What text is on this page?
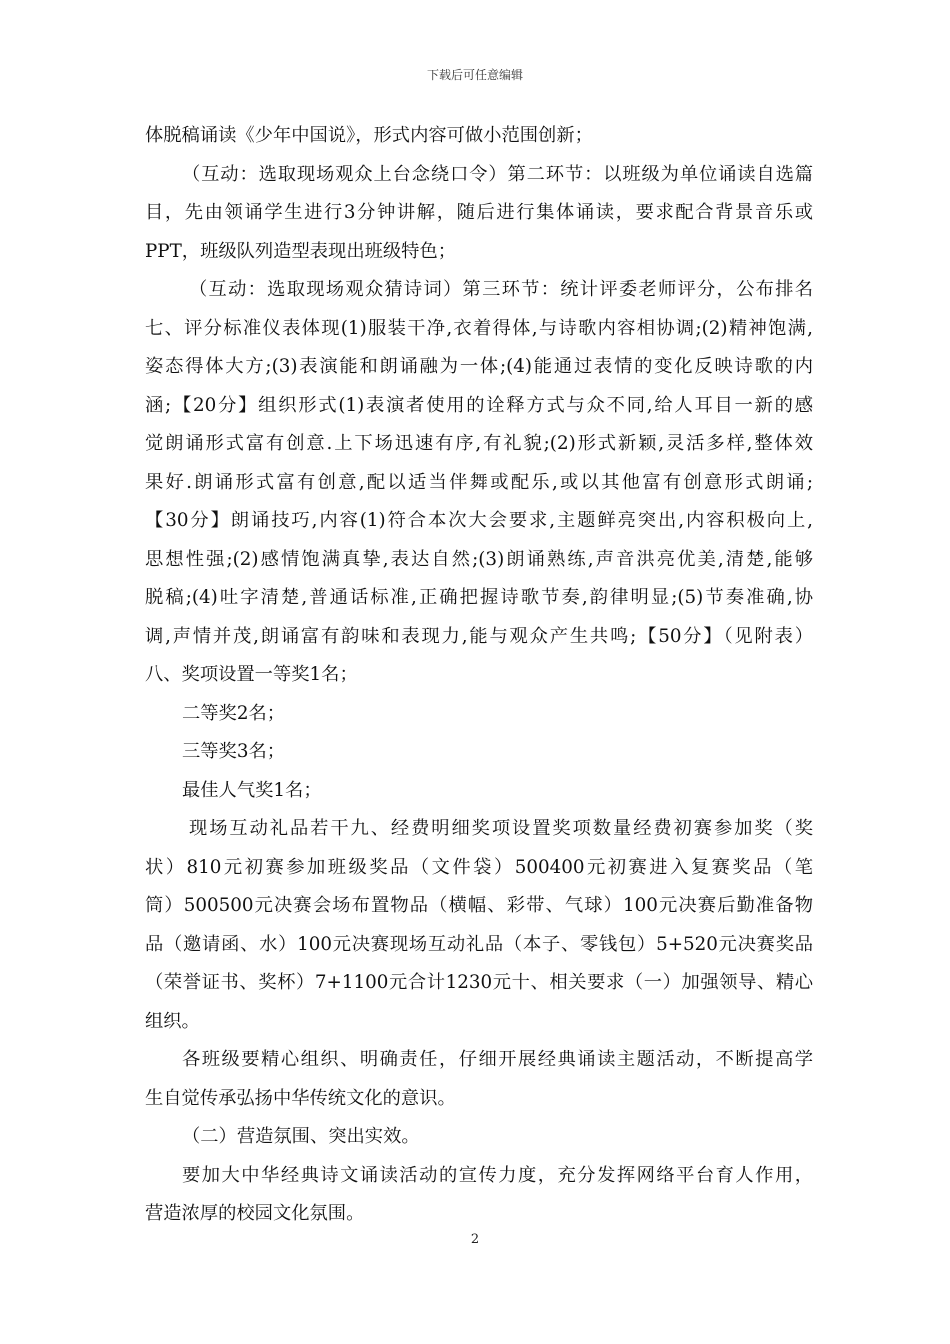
下载后可任意编辑
体脱稿诵读《少年中国说》，形式内容可做小范围创新；
（互动：选取现场观众上台念绕口令）第二环节：以班级为单位诵读自选篇
目，先由领诵学生进行3分钟讲解，随后进行集体诵读，要求配合背景音乐或
PPT，班级队列造型表现出班级特色；
（互动：选取现场观众猜诗词）第三环节：统计评委老师评分，公布排名
七、评分标准仪表体现(1)服装干净,衣着得体,与诗歌内容相协调;(2)精神饱满,
姿态得体大方;(3)表演能和朗诵融为一体;(4)能通过表情的变化反映诗歌的内
涵;【20分】组织形式(1)表演者使用的诠释方式与众不同,给人耳目一新的感
觉朗诵形式富有创意.上下场迅速有序,有礼貌;(2)形式新颖,灵活多样,整体效
果好.朗诵形式富有创意,配以适当伴舞或配乐,或以其他富有创意形式朗诵;
【30分】朗诵技巧,内容(1)符合本次大会要求,主题鲜亮突出,内容积极向上,
思想性强;(2)感情饱满真挚,表达自然;(3)朗诵熟练,声音洪亮优美,清楚,能够
脱稿;(4)吐字清楚,普通话标准,正确把握诗歌节奏,韵律明显;(5)节奏准确,协
调,声情并茂,朗诵富有韵味和表现力,能与观众产生共鸣;【50分】（见附表）
八、奖项设置一等奖1名；
二等奖2名；
三等奖3名；
最佳人气奖1名；
现场互动礼品若干九、经费明细奖项设置奖项数量经费初赛参加奖（奖
状）810元初赛参加班级奖品（文件袋）500400元初赛进入复赛奖品（笔
筒）500500元决赛会场布置物品（横幅、彩带、气球）100元决赛后勤准备物
品（邀请函、水）100元决赛现场互动礼品（本子、零钱包）5+520元决赛奖品
（荣誉证书、奖杯）7+1100元合计1230元十、相关要求（一）加强领导、精心
组织。
各班级要精心组织、明确责任，仔细开展经典诵读主题活动，不断提高学
生自觉传承弘扬中华传统文化的意识。
（二）营造氛围、突出实效。
要加大中华经典诗文诵读活动的宣传力度，充分发挥网络平台育人作用，
营造浓厚的校园文化氛围。
2
